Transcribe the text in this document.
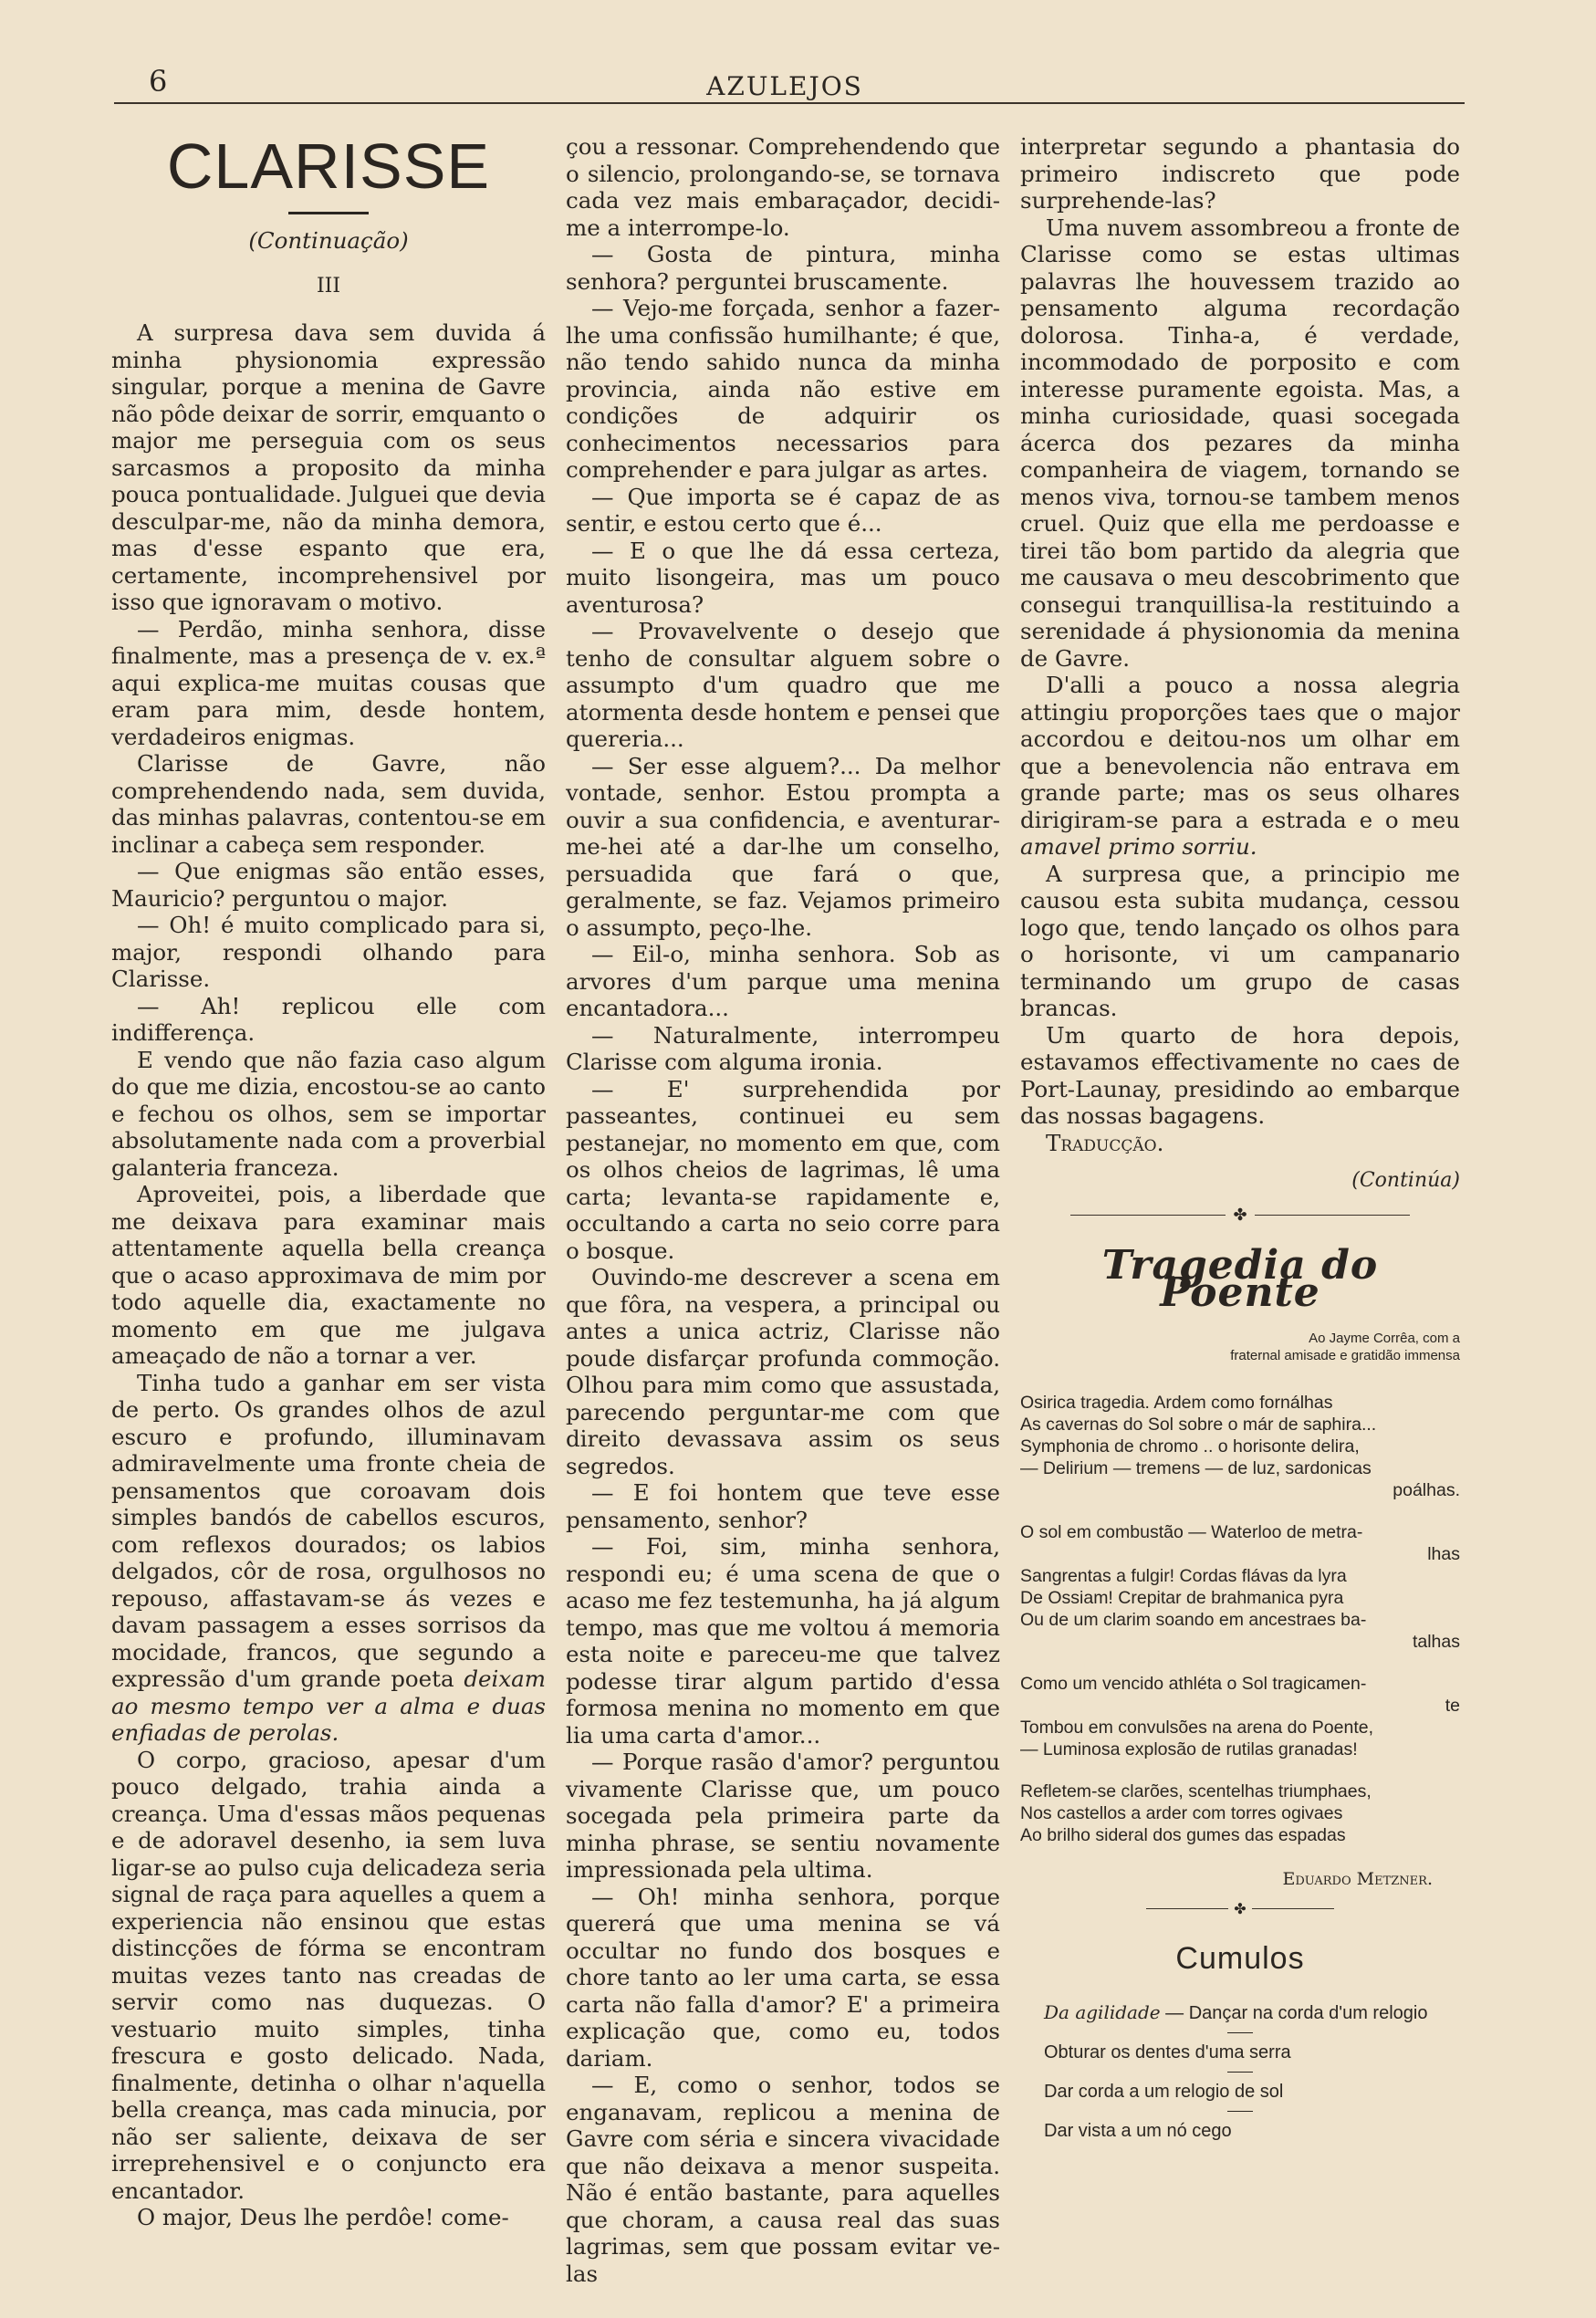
6	AZULEJOS
CLARISSE
(Continuação)
III

A surpresa dava sem duvida á minha physionomia expressão singular, porque a menina de Gavre não pôde deixar de sorrir, emquanto o major me perseguia com os seus sarcasmos a proposito da minha pouca pontualidade. Julguei que devia desculpar-me, não da minha demora, mas d'esse espanto que era, certamente, incomprehensivel por isso que ignoravam o motivo.

— Perdão, minha senhora, disse finalmente, mas a presença de v. ex.ª aqui explica-me muitas cousas que eram para mim, desde hontem, verdadeiros enigmas.

Clarisse de Gavre, não comprehendendo nada, sem duvida, das minhas palavras, contentou-se em inclinar a cabeça sem responder.

— Que enigmas são então esses, Mauricio? perguntou o major.

— Oh! é muito complicado para si, major, respondi olhando para Clarisse.

— Ah! replicou elle com indifferença.

E vendo que não fazia caso algum do que me dizia, encostou-se ao canto e fechou os olhos, sem se importar absolutamente nada com a proverbial galanteria franceza.

Aproveitei, pois, a liberdade que me deixava para examinar mais attentamente aquella bella creança que o acaso approximava de mim por todo aquelle dia, exactamente no momento em que me julgava ameaçado de não a tornar a ver.

Tinha tudo a ganhar em ser vista de perto. Os grandes olhos de azul escuro e profundo, illuminavam admiravelmente uma fronte cheia de pensamentos que coroavam dois simples bandós de cabellos escuros, com reflexos dourados; os labios delgados, côr de rosa, orgulhosos no repouso, affastavam-se ás vezes e davam passagem a esses sorrisos da mocidade, francos, que segundo a expressão d'um grande poeta deixam ao mesmo tempo ver a alma e duas enfiadas de perolas.

O corpo, gracioso, apesar d'um pouco delgado, trahia ainda a creança. Uma d'essas mãos pequenas e de adoravel desenho, ia sem luva ligar-se ao pulso cuja delicadeza seria signal de raça para aquelles a quem a experiencia não ensinou que estas distincções de fórma se encontram muitas vezes tanto nas creadas de servir como nas duquezas. O vestuario muito simples, tinha frescura e gosto delicado. Nada, finalmente, detinha o olhar n'aquella bella creança, mas cada minucia, por não ser saliente, deixava de ser irreprehensivel e o conjuncto era encantador.

O major, Deus lhe perdôe! come-

çou a ressonar. Comprehendendo que o silencio, prolongando-se, se tornava cada vez mais embaraçador, decidi-me a interrompe-lo.

— Gosta de pintura, minha senhora? perguntei bruscamente.

— Vejo-me forçada, senhor a fazer-lhe uma confissão humilhante; é que, não tendo sahido nunca da minha provincia, ainda não estive em condições de adquirir os conhecimentos necessarios para comprehender e para julgar as artes.

— Que importa se é capaz de as sentir, e estou certo que é...

— E o que lhe dá essa certeza, muito lisongeira, mas um pouco aventurosa?

— Provavelvente o desejo que tenho de consultar alguem sobre o assumpto d'um quadro que me atormenta desde hontem e pensei que quereria...

— Ser esse alguem?... Da melhor vontade, senhor. Estou prompta a ouvir a sua confidencia, e aventurar-me-hei até a dar-lhe um conselho, persuadida que fará o que, geralmente, se faz. Vejamos primeiro o assumpto, peço-lhe.

— Eil-o, minha senhora. Sob as arvores d'um parque uma menina encantadora...

— Naturalmente, interrompeu Clarisse com alguma ironia.

— E' surprehendida por passeantes, continuei eu sem pestanejar, no momento em que, com os olhos cheios de lagrimas, lê uma carta; levanta-se rapidamente e, occultando a carta no seio corre para o bosque.

Ouvindo-me descrever a scena em que fôra, na vespera, a principal ou antes a unica actriz, Clarisse não poude disfarçar profunda commoção. Olhou para mim como que assustada, parecendo perguntar-me com que direito devassava assim os seus segredos.

— E foi hontem que teve esse pensamento, senhor?

— Foi, sim, minha senhora, respondi eu; é uma scena de que o acaso me fez testemunha, ha já algum tempo, mas que me voltou á memoria esta noite e pareceu-me que talvez podesse tirar algum partido d'essa formosa menina no momento em que lia uma carta d'amor...

— Porque rasão d'amor? perguntou vivamente Clarisse que, um pouco socegada pela primeira parte da minha phrase, se sentiu novamente impressionada pela ultima.

— Oh! minha senhora, porque quererá que uma menina se vá occultar no fundo dos bosques e chore tanto ao ler uma carta, se essa carta não falla d'amor? E' a primeira explicação que, como eu, todos dariam.

— E, como o senhor, todos se enganavam, replicou a menina de Gavre com séria e sincera vivacidade que não deixava a menor suspeita. Não é então bastante, para aquelles que choram, a causa real das suas lagrimas, sem que possam evitar ve-las

interpretar segundo a phantasia do primeiro indiscreto que pode surprehende-las?

Uma nuvem assombreou a fronte de Clarisse como se estas ultimas palavras lhe houvessem trazido ao pensamento alguma recordação dolorosa. Tinha-a, é verdade, incommodado de porposito e com interesse puramente egoista. Mas, a minha curiosidade, quasi socegada ácerca dos pezares da minha companheira de viagem, tornando se menos viva, tornou-se tambem menos cruel. Quiz que ella me perdoasse e tirei tão bom partido da alegria que me causava o meu descobrimento que consegui tranquillisa-la restituindo a serenidade á physionomia da menina de Gavre.

D'alli a pouco a nossa alegria attingiu proporções taes que o major accordou e deitou-nos um olhar em que a benevolencia não entrava em grande parte; mas os seus olhares dirigiram-se para a estrada e o meu amavel primo sorriu.

A surpresa que, a principio me causou esta subita mudança, cessou logo que, tendo lançado os olhos para o horisonte, vi um campanario terminando um grupo de casas brancas.

Um quarto de hora depois, estavamos effectivamente no caes de Port-Launay, presidindo ao embarque das nossas bagagens.

Traducção.

(Continúa)
✤
Tragedia do Poente
Ao Jayme Corrêa, com a
fraternal amisade e gratidão immensa
Osirica tragedia. Ardem como fornálhas
As cavernas do Sol sobre o már de saphira...
Symphonia de chromo .. o horisonte delira,
— Delirium — tremens — de luz, sardonicas
poálhas.
O sol em combustão — Waterloo de metra-
lhas
Sangrentas a fulgir! Cordas flávas da lyra
De Ossiam! Crepitar de brahmanica pyra
Ou de um clarim soando em ancestraes ba-
talhas
Como um vencido athléta o Sol tragicamen-
te
Tombou em convulsões na arena do Poente,
— Luminosa explosão de rutilas granadas!
Refletem-se clarões, scentelhas triumphaes,
Nos castellos a arder com torres ogivaes
Ao brilho sideral dos gumes das espadas
Eduardo Metzner.
✤
Cumulos
Da agilidade — Dançar na corda d'um relogio
Obturar os dentes d'uma serra
Dar corda a um relogio de sol
Dar vista a um nó cego
